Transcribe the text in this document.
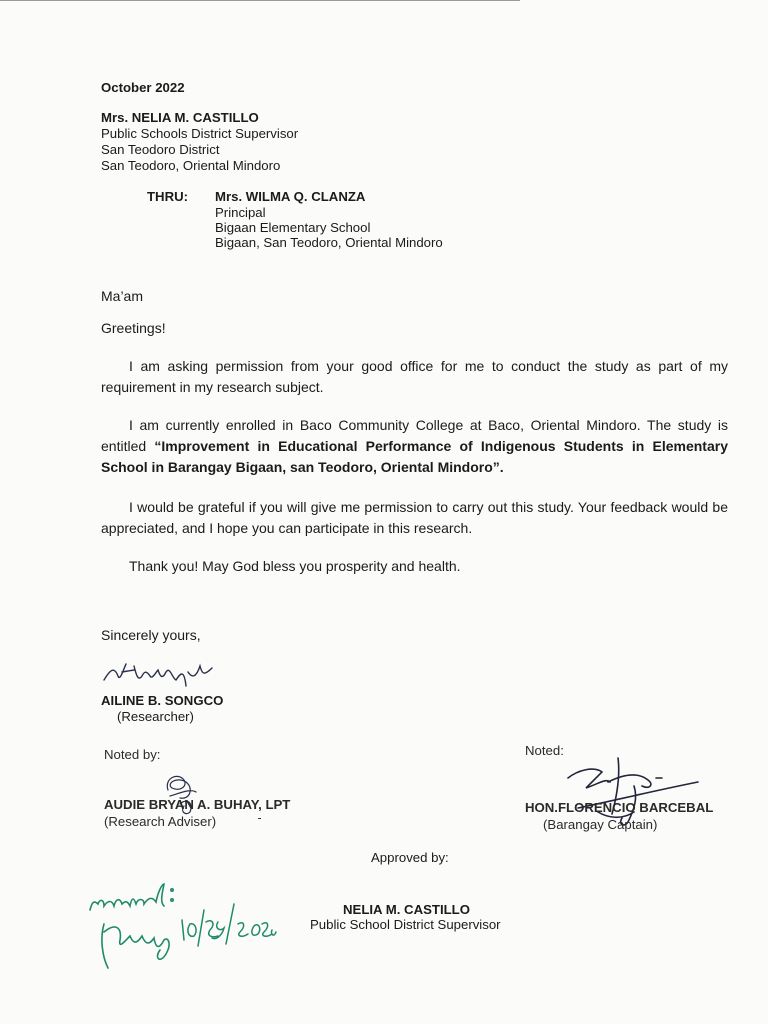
October 2022
Mrs. NELIA M. CASTILLO
Public Schools District Supervisor
San Teodoro District
San Teodoro, Oriental Mindoro
THRU: Mrs. WILMA Q. CLANZA
Principal
Bigaan Elementary School
Bigaan, San Teodoro, Oriental Mindoro
Ma’am
Greetings!
I am asking permission from your good office for me to conduct the study as part of my requirement in my research subject.
I am currently enrolled in Baco Community College at Baco, Oriental Mindoro. The study is entitled “Improvement in Educational Performance of Indigenous Students in Elementary School in Barangay Bigaan, san Teodoro, Oriental Mindoro”.
I would be grateful if you will give me permission to carry out this study. Your feedback would be appreciated, and I hope you can participate in this research.
Thank you! May God bless you prosperity and health.
Sincerely yours,
AILINE B. SONGCO
(Researcher)
Noted by:
AUDIE BRYAN A. BUHAY, LPT
(Research Adviser)
Noted:
HON.FLORENCIO BARCEBAL
(Barangay Captain)
Approved by:
NELIA M. CASTILLO
Public School District Supervisor
